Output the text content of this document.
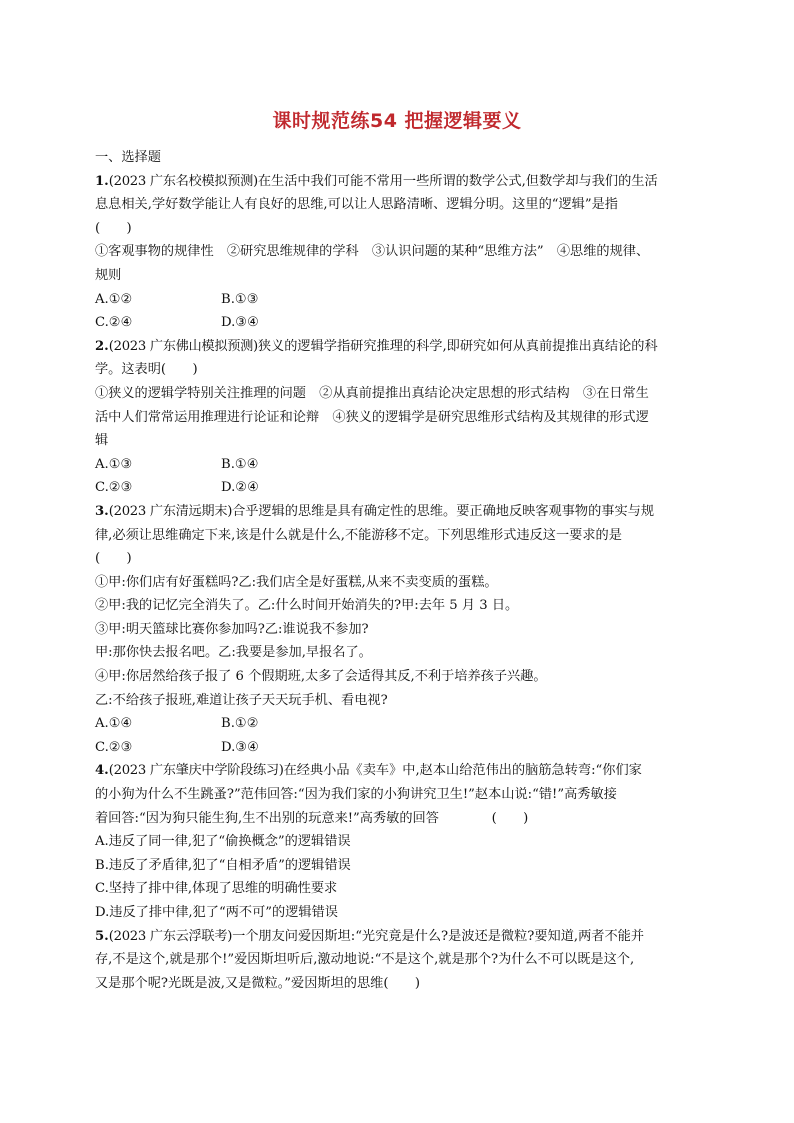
课时规范练54 把握逻辑要义
一、选择题
1.(2023 广东名校模拟预测)在生活中我们可能不常用一些所谓的数学公式,但数学却与我们的生活
息息相关,学好数学能让人有良好的思维,可以让人思路清晰、逻辑分明。这里的“逻辑”是指
(　　)
①客观事物的规律性　②研究思维规律的学科　③认识问题的某种“思维方法”　④思维的规律、
规则
A.①②	B.①③
C.②④	D.③④
2.(2023 广东佛山模拟预测)狭义的逻辑学指研究推理的科学,即研究如何从真前提推出真结论的科
学。这表明(　　)
①狭义的逻辑学特别关注推理的问题　②从真前提推出真结论决定思想的形式结构　③在日常生
活中人们常常运用推理进行论证和论辩　④狭义的逻辑学是研究思维形式结构及其规律的形式逻
辑
A.①③	B.①④
C.②③	D.②④
3.(2023 广东清远期末)合乎逻辑的思维是具有确定性的思维。要正确地反映客观事物的事实与规
律,必须让思维确定下来,该是什么就是什么,不能游移不定。下列思维形式违反这一要求的是
(　　)
①甲:你们店有好蛋糕吗?乙:我们店全是好蛋糕,从来不卖变质的蛋糕。
②甲:我的记忆完全消失了。乙:什么时间开始消失的?甲:去年 5 月 3 日。
③甲:明天篮球比赛你参加吗?乙:谁说我不参加?
甲:那你快去报名吧。乙:我要是参加,早报名了。
④甲:你居然给孩子报了 6 个假期班,太多了会适得其反,不利于培养孩子兴趣。
乙:不给孩子报班,难道让孩子天天玩手机、看电视?
A.①④	B.①②
C.②③	D.③④
4.(2023 广东肇庆中学阶段练习)在经典小品《卖车》中,赵本山给范伟出的脑筋急转弯:“你们家
的小狗为什么不生跳蚤?”范伟回答:“因为我们家的小狗讲究卫生!”赵本山说:“错!”高秀敏接
着回答:“因为狗只能生狗,生不出别的玩意来!”高秀敏的回答　　　　(　　)
A.违反了同一律,犯了“偷换概念”的逻辑错误
B.违反了矛盾律,犯了“自相矛盾”的逻辑错误
C.坚持了排中律,体现了思维的明确性要求
D.违反了排中律,犯了“两不可”的逻辑错误
5.(2023 广东云浮联考)一个朋友问爱因斯坦:“光究竟是什么?是波还是微粒?要知道,两者不能并
存,不是这个,就是那个!”爱因斯坦听后,激动地说:“不是这个,就是那个?为什么不可以既是这个,
又是那个呢?光既是波,又是微粒。”爱因斯坦的思维(　　)
